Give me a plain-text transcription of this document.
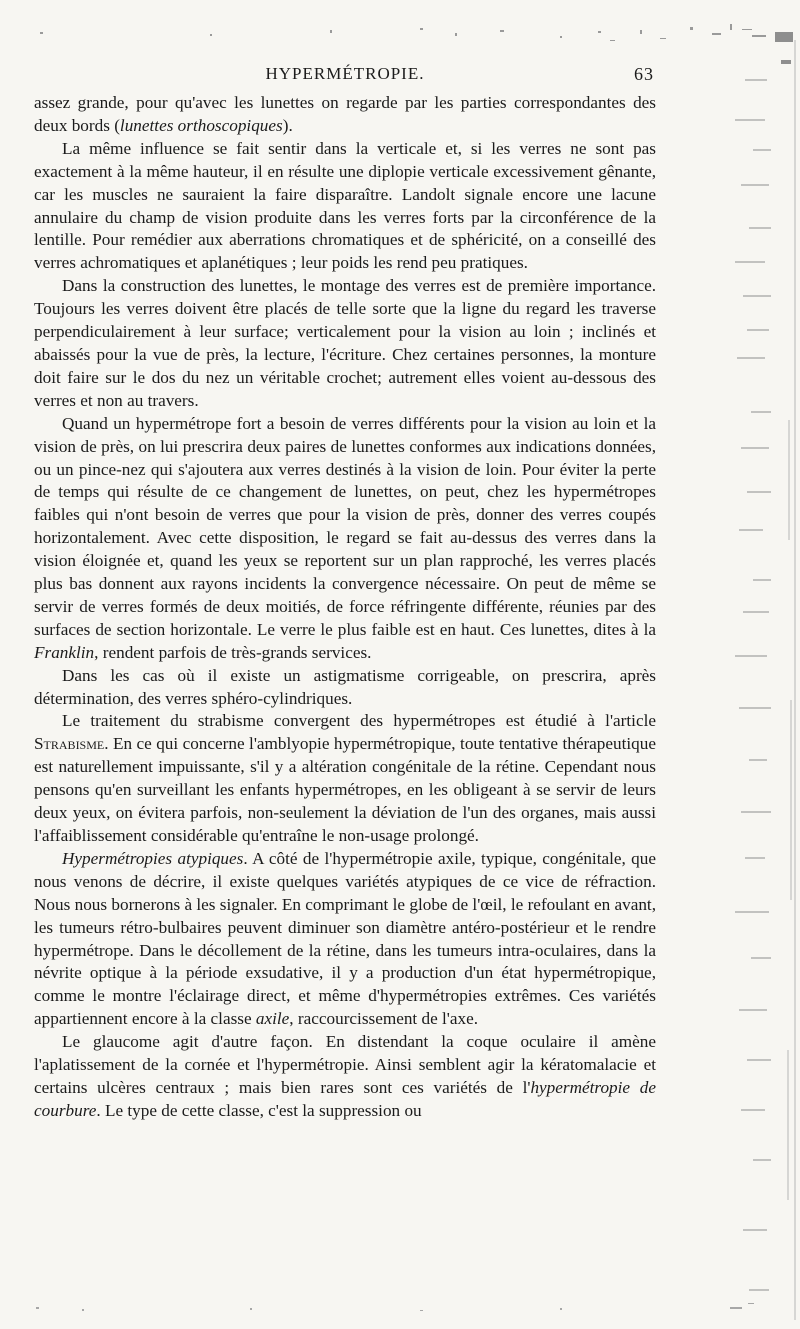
HYPERMÉTROPIE.	63

assez grande, pour qu'avec les lunettes on regarde par les parties correspondantes des deux bords (lunettes orthoscopiques).

La même influence se fait sentir dans la verticale et, si les verres ne sont pas exactement à la même hauteur, il en résulte une diplopie verticale excessivement gênante, car les muscles ne sauraient la faire disparaître. Landolt signale encore une lacune annulaire du champ de vision produite dans les verres forts par la circonférence de la lentille. Pour remédier aux aberrations chromatiques et de sphéricité, on a conseillé des verres achromatiques et aplanétiques ; leur poids les rend peu pratiques.

Dans la construction des lunettes, le montage des verres est de première importance. Toujours les verres doivent être placés de telle sorte que la ligne du regard les traverse perpendiculairement à leur surface; verticalement pour la vision au loin ; inclinés et abaissés pour la vue de près, la lecture, l'écriture. Chez certaines personnes, la monture doit faire sur le dos du nez un véritable crochet; autrement elles voient au-dessous des verres et non au travers.

Quand un hypermétrope fort a besoin de verres différents pour la vision au loin et la vision de près, on lui prescrira deux paires de lunettes conformes aux indications données, ou un pince-nez qui s'ajoutera aux verres destinés à la vision de loin. Pour éviter la perte de temps qui résulte de ce changement de lunettes, on peut, chez les hypermétropes faibles qui n'ont besoin de verres que pour la vision de près, donner des verres coupés horizontalement. Avec cette disposition, le regard se fait au-dessus des verres dans la vision éloignée et, quand les yeux se reportent sur un plan rapproché, les verres placés plus bas donnent aux rayons incidents la convergence nécessaire. On peut de même se servir de verres formés de deux moitiés, de force réfringente différente, réunies par des surfaces de section horizontale. Le verre le plus faible est en haut. Ces lunettes, dites à la Franklin, rendent parfois de très-grands services.

Dans les cas où il existe un astigmatisme corrigeable, on prescrira, après détermination, des verres sphéro-cylindriques.

Le traitement du strabisme convergent des hypermétropes est étudié à l'article Strabisme. En ce qui concerne l'amblyopie hypermétropique, toute tentative thérapeutique est naturellement impuissante, s'il y a altération congénitale de la rétine. Cependant nous pensons qu'en surveillant les enfants hypermétropes, en les obligeant à se servir de leurs deux yeux, on évitera parfois, non-seulement la déviation de l'un des organes, mais aussi l'affaiblissement considérable qu'entraîne le non-usage prolongé.

Hypermétropies atypiques. A côté de l'hypermétropie axile, typique, congénitale, que nous venons de décrire, il existe quelques variétés atypiques de ce vice de réfraction. Nous nous bornerons à les signaler. En comprimant le globe de l'œil, le refoulant en avant, les tumeurs rétro-bulbaires peuvent diminuer son diamètre antéro-postérieur et le rendre hypermétrope. Dans le décollement de la rétine, dans les tumeurs intra-oculaires, dans la névrite optique à la période exsudative, il y a production d'un état hypermétropique, comme le montre l'éclairage direct, et même d'hypermétropies extrêmes. Ces variétés appartiennent encore à la classe axile, raccourcissement de l'axe.

Le glaucome agit d'autre façon. En distendant la coque oculaire il amène l'aplatissement de la cornée et l'hypermétropie. Ainsi semblent agir la kératomalacie et certains ulcères centraux ; mais bien rares sont ces variétés de l'hypermétropie de courbure. Le type de cette classe, c'est la suppression ou
